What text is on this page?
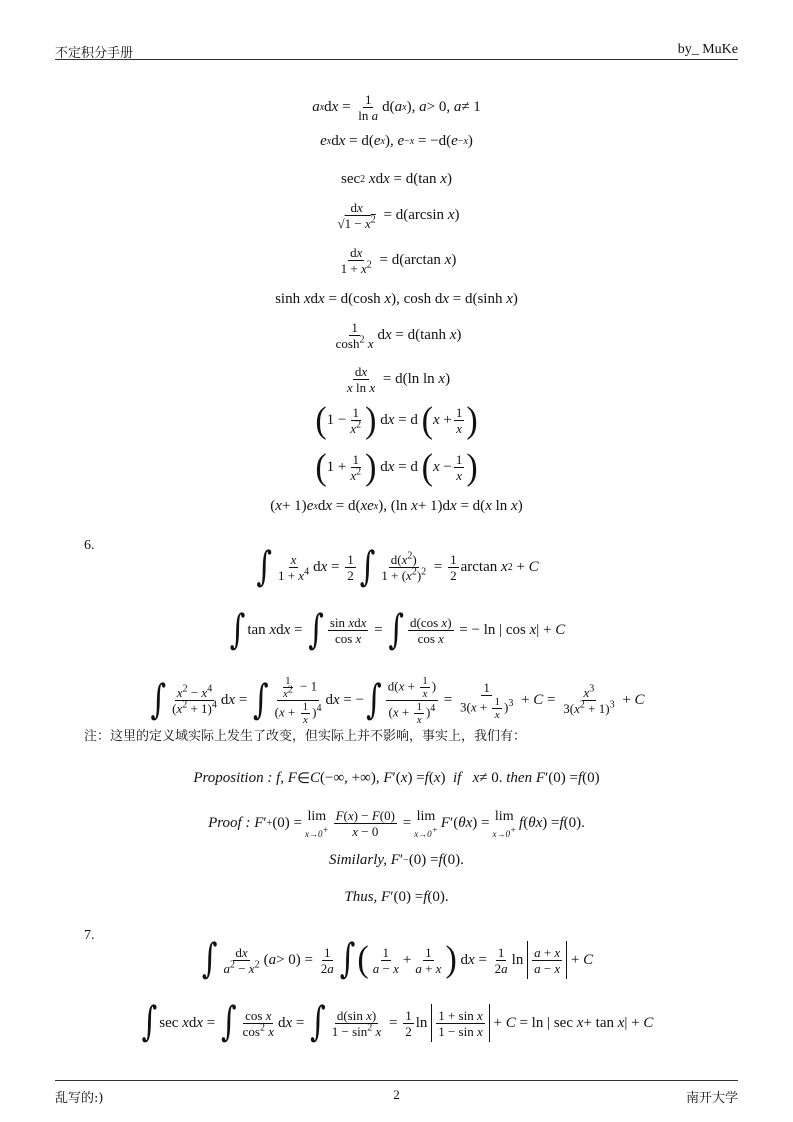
不定积分手册	by_ MuKe
a x d x = 1
ln a
d( a x ), a > 0, a ≠ 1
e x d x = d( e x ), e −x = −d( e −x )
sec 2
x d x = d(tan x )
dx
$√1 - x^2 = d(\arcsin$ x )
dx
$1 + x^2 = d(\arctan$ x )
sinh x d x = d(cosh x ), cosh d x = d(sinh x )
1
$\cosh^2 x$
d x = d(tanh x )
dx
x ln x
= d(ln ln x )
( 1 − 1
$x^2$ ) d x = d ( x + 1
x )
( 1 + 1
$x^2$ ) d x = d ( x − 1
x )
( x + 1) e x d x = d( xe x ), (ln x + 1)d x = d( x ln x )
6.	∫ x
$1 + x^4$ d x = 1
2 ∫ $d(x^2)$
$1 + (x^2)^2 = 1$
2
arctan x 2 + C
∫ tan x d x = ∫ sin xdx
cos x
= ∫ d(cos x)
cos x
= − ln | cos x | + C
∫ $x^2 - x^4$
$(x^2 + 1)^4$ d x = ∫ $\frac{1}{x2} - 1$
$(x + \frac{1}{x} )^4$
d x = − ∫ $d(x + \frac{1}{x}$ )
$(x + \frac{1}{x} )^4$
=
1
$3(x + \frac{1}{x} )^3 + C = x^3$
$3(x^2 + 1)^3 + C$
注：这里的定义域实际上发生了改变，但实际上并不影响，事实上，我们有：
Proposition :
f , F ∈ C (−∞, +∞), F ′( x ) = f ( x ) if
x ≠ 0. then
F ′(0) = f (0)
Proof :
F ′ + (0) = lim
$x\to 0+ \frac{F(x) - F(0)}{x - 0} = \lim$
x→0+ F ′( θx ) = lim
x→0+ f ( θx ) = f (0).
Similarly,
F ′ − (0) = f (0).
Thus,
F ′(0) = f (0).
7.
∫ dx
$a^2 - x^2$ ( a > 0) = 1
2a ∫ ( 1
a − x
+ 1
a + x ) d x = 1
2a
ln a + x
a − x
+ C
∫ sec x d x = ∫ cos x
$\cos^2 x$
d x = ∫ d(sin x)
$1 - \sin^2 x$
= 1
2
ln 1 + sin x
1 − sin x
+ C = ln | sec x + tan x | + C
乱写的:)	2	南开大学
